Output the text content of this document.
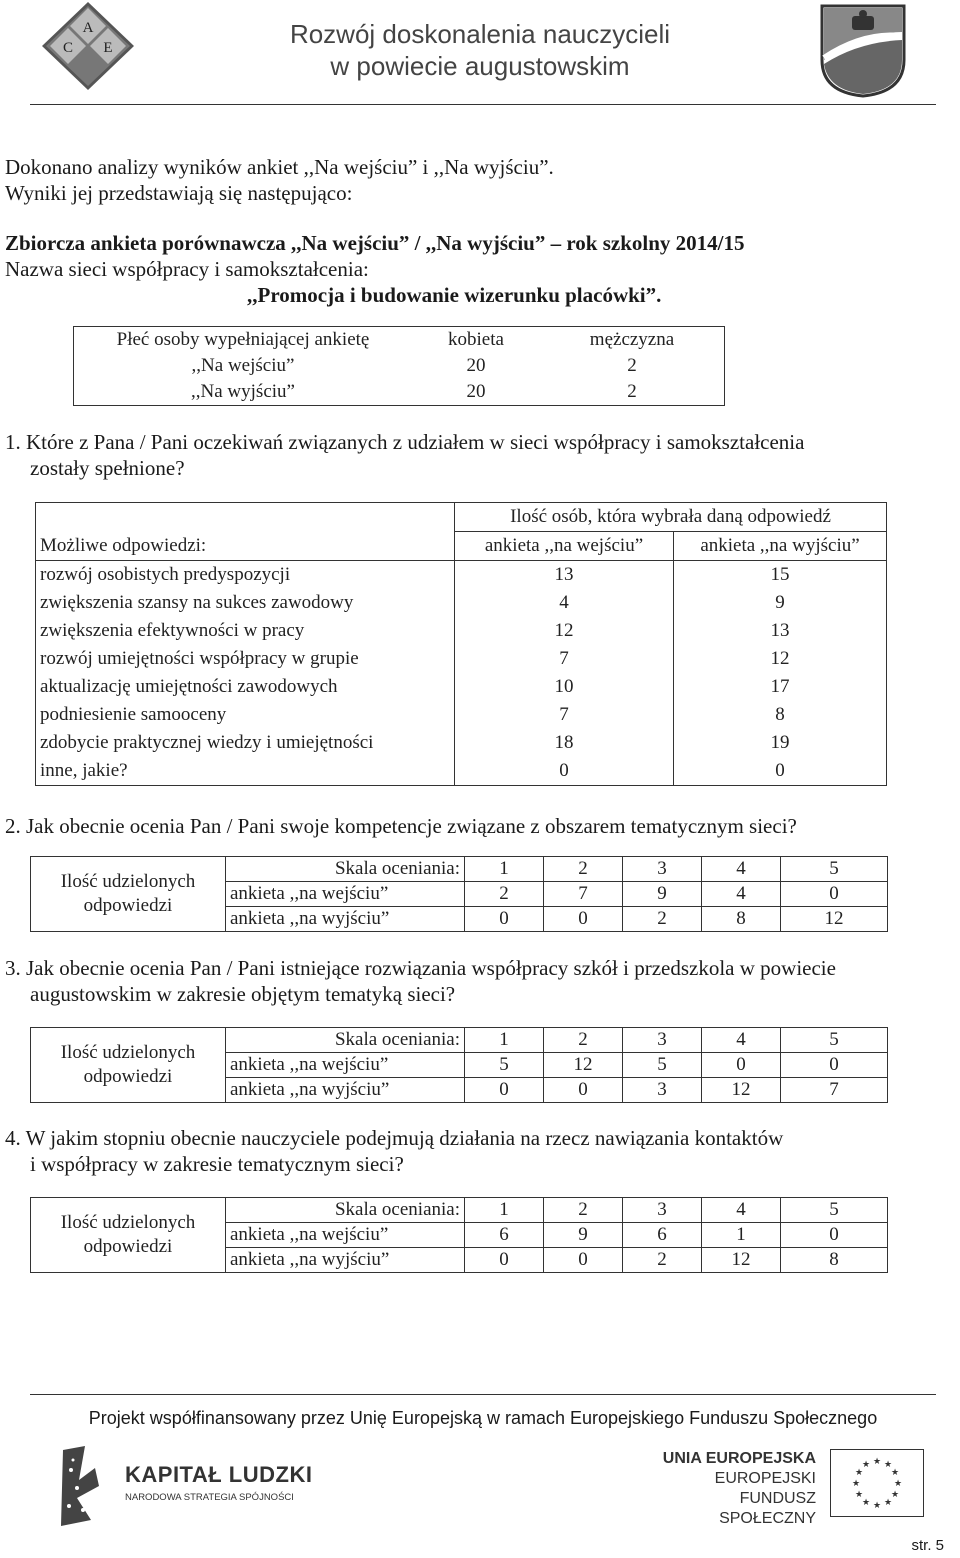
A
C E	Rozwój doskonalenia nauczycieli
w powiecie augustowskim
Dokonano analizy wyników ankiet ,,Na wejściu” i ,,Na wyjściu”.
Wyniki jej przedstawiają się następująco:
Zbiorcza ankieta porównawcza ,,Na wejściu” / ,,Na wyjściu” – rok szkolny 2014/15
Nazwa sieci współpracy i samokształcenia:
,,Promocja i budowanie wizerunku placówki”.
Płeć osoby wypełniającej ankietę	kobieta	mężczyzna
,,Na wejściu”	20	2
,,Na wyjściu”	20	2
1. Które z Pana / Pani oczekiwań związanych z udziałem w sieci współpracy i samokształcenia
zostały spełnione?
	Ilość osób, która wybrała daną odpowiedź	
Możliwe odpowiedzi:	ankieta ,,na wejściu”	ankieta ,,na wyjściu”
rozwój osobistych predyspozycji	13	15
zwiększenia szansy na sukces zawodowy	4	9
zwiększenia efektywności w pracy	12	13
rozwój umiejętności współpracy w grupie	7	12
aktualizację umiejętności zawodowych	10	17
podniesienie samooceny	7	8
zdobycie praktycznej wiedzy i umiejętności	18	19
inne, jakie?	0	0
2. Jak obecnie ocenia Pan / Pani swoje kompetencje związane z obszarem tematycznym sieci?
Ilość udzielonych
odpowiedzi	Skala oceniania:	1	2	3	4	5
	ankieta ,,na wejściu”	2	7	9	4	0
	ankieta ,,na wyjściu”	0	0	2	8	12
3. Jak obecnie ocenia Pan / Pani istniejące rozwiązania współpracy szkół i przedszkola w powiecie
augustowskim w zakresie objętym tematyką sieci?
Ilość udzielonych
odpowiedzi	Skala oceniania:	1	2	3	4	5
	ankieta ,,na wejściu”	5	12	5	0	0
	ankieta ,,na wyjściu”	0	0	3	12	7
4. W jakim stopniu obecnie nauczyciele podejmują działania na rzecz nawiązania kontaktów
i współpracy w zakresie tematycznym sieci?
Ilość udzielonych
odpowiedzi	Skala oceniania:	1	2	3	4	5
	ankieta ,,na wejściu”	6	9	6	1	0
	ankieta ,,na wyjściu”	0	0	2	12	8
Projekt współfinansowany przez Unię Europejską w ramach Europejskiego Funduszu Społecznego
KAPITAŁ LUDZKI
NARODOWA STRATEGIA SPÓJNOŚCI
UNIA EUROPEJSKA
EUROPEJSKI
FUNDUSZ SPOŁECZNY
★ ★
★
★
★
★
★
★
★
★
★
★
str. 5
